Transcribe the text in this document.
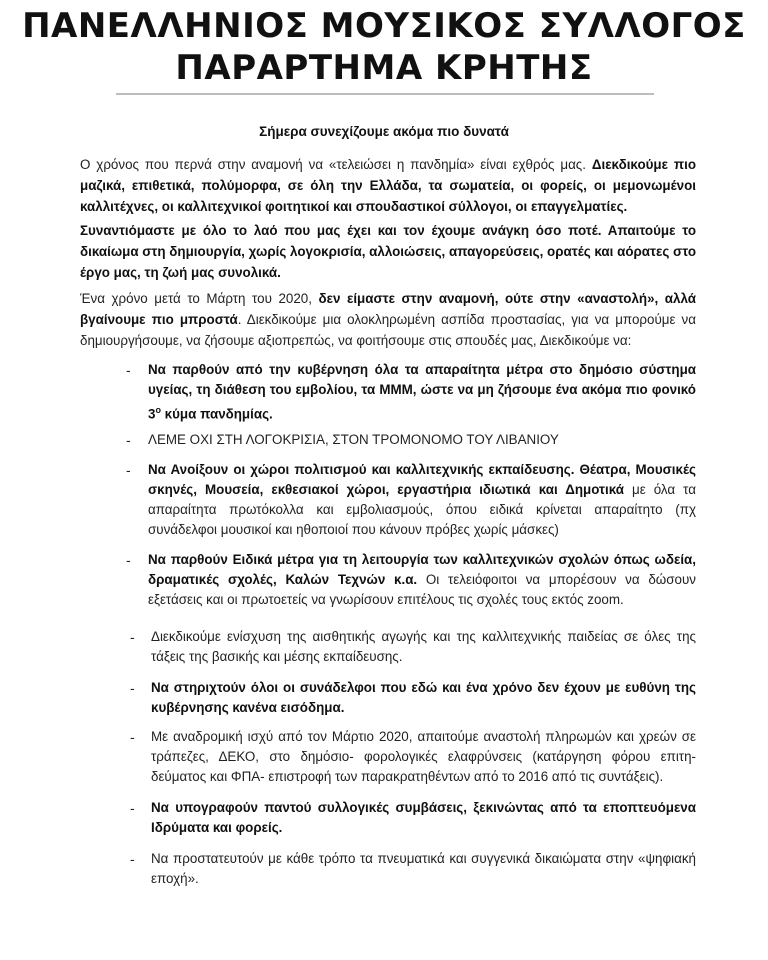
ΠΑΝΕΛΛΗΝΙΟΣ ΜΟΥΣΙΚΟΣ ΣΥΛΛΟΓΟΣ
ΠΑΡΑΡΤΗΜΑ ΚΡΗΤΗΣ
Σήμερα συνεχίζουμε ακόμα πιο δυνατά
Ο χρόνος που περνά στην αναμονή να «τελειώσει η πανδημία» είναι εχθρός μας. Διεκδικούμε πιο μαζικά, επιθετικά, πολύμορφα, σε όλη την Ελλάδα, τα σωματεία, οι φορείς, οι μεμονωμένοι καλλιτέχνες, οι καλλιτεχνικοί φοιτητικοί και σπουδαστικοί σύλλογοι, οι επαγγελματίες.
Συναντιόμαστε με όλο το λαό που μας έχει και τον έχουμε ανάγκη όσο ποτέ. Απαιτούμε το δικαίωμα στη δημιουργία, χωρίς λογοκρισία, αλλοιώσεις, απαγορεύσεις, ορατές και αόρατες στο έργο μας, τη ζωή μας συνολικά.
Ένα χρόνο μετά το Μάρτη του 2020, δεν είμαστε στην αναμονή, ούτε στην «αναστολή», αλλά βγαίνουμε πιο μπροστά. Διεκδικούμε μια ολοκληρωμένη ασπίδα προστασίας, για να μπορούμε να δημιουργήσουμε, να ζήσουμε αξιοπρεπώς, να φοιτήσουμε στις σπουδές μας, Διεκδικούμε να:
- Να παρθούν από την κυβέρνηση όλα τα απαραίτητα μέτρα στο δημόσιο σύστημα υγείας, τη διάθεση του εμβολίου, τα ΜΜΜ, ώστε να μη ζήσουμε ένα ακόμα πιο φονικό $3^o$ κύμα πανδημίας.
- ΛΕΜΕ ΟΧΙ ΣΤΗ ΛΟΓΟΚΡΙΣΙΑ, ΣΤΟΝ ΤΡΟΜΟΝΟΜΟ ΤΟΥ ΛΙΒΑΝΙΟΥ
- Να Ανοίξουν οι χώροι πολιτισμού και καλλιτεχνικής εκπαίδευσης. Θέατρα, Μουσικές σκηνές, Μουσεία, εκθεσιακοί χώροι, εργαστήρια ιδιωτικά και Δημοτικά με όλα τα απαραίτητα πρωτόκολλα και εμβολιασμούς, όπου ειδικά κρίνεται απαραίτητο (πχ συνάδελφοι μουσικοί και ηθοποιοί που κάνουν πρόβες χωρίς μάσκες)
- Να παρθούν Ειδικά μέτρα για τη λειτουργία των καλλιτεχνικών σχολών όπως ωδεία, δραματικές σχολές, Καλών Τεχνών κ.α. Οι τελειόφοιτοι να μπορέσουν να δώσουν εξετάσεις και οι πρωτοετείς να γνωρίσουν επιτέλους τις σχολές τους εκτός zoom.
- Διεκδικούμε ενίσχυση της αισθητικής αγωγής και της καλλιτεχνικής παιδείας σε όλες της τάξεις της βασικής και μέσης εκπαίδευσης.
- Να στηριχτούν όλοι οι συνάδελφοι που εδώ και ένα χρόνο δεν έχουν με ευθύνη της κυβέρνησης κανένα εισόδημα.
- Με αναδρομική ισχύ από τον Μάρτιο 2020, απαιτούμε αναστολή πληρωμών και χρεών σε τράπεζες, ΔΕΚΟ, στο δημόσιο- φορολογικές ελαφρύνσεις (κατάργηση φόρου επιτη- δεύματος και ΦΠΑ- επιστροφή των παρακρατηθέντων από το 2016 από τις συντάξεις).
- Να υπογραφούν παντού συλλογικές συμβάσεις, ξεκινώντας από τα εποπτευόμενα Ιδρύματα και φορείς.
- Να προστατευτούν με κάθε τρόπο τα πνευματικά και συγγενικά δικαιώματα στην «ψηφιακή εποχή».
